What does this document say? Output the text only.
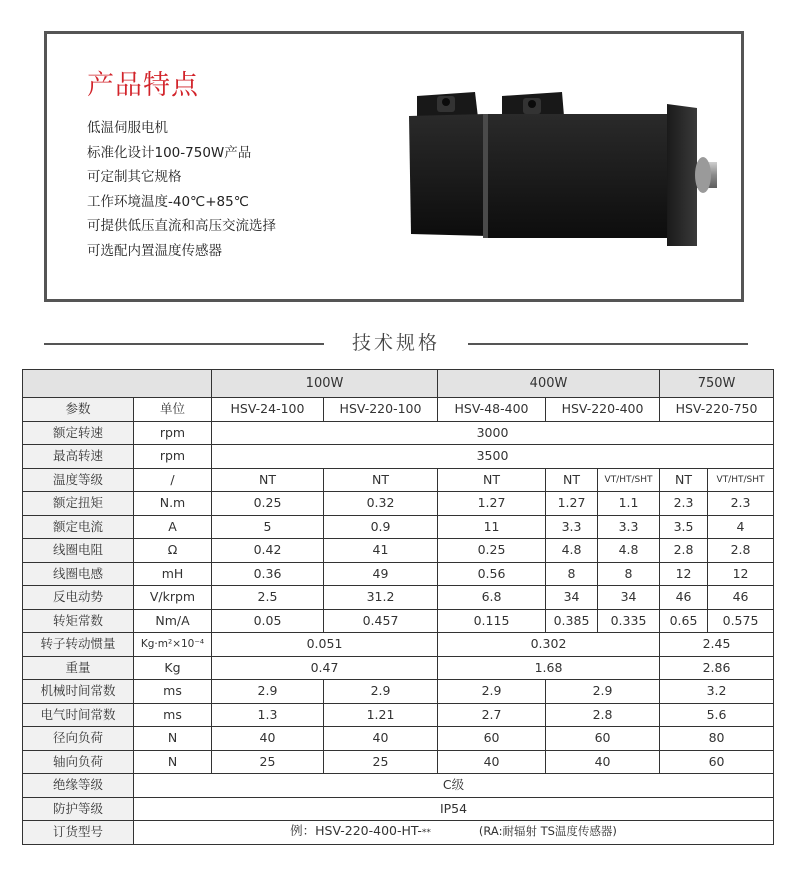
产品特点
低温伺服电机
标准化设计100-750W产品
可定制其它规格
工作环境温度-40℃+85℃
可提供低压直流和高压交流选择
可选配内置温度传感器
技术规格
		100W		400W			750W	
参数	单位	HSV-24-100	HSV-220-100	HSV-48-400	HSV-220-400		HSV-220-750	
额定转速	rpm	3000						
最高转速	rpm	3500						
温度等级	/	NT	NT	NT	NT	VT/HT/SHT	NT	VT/HT/SHT
额定扭矩	N.m	0.25	0.32	1.27	1.27	1.1	2.3	2.3
额定电流	A	5	0.9	11	3.3	3.3	3.5	4
线圈电阻	Ω	0.42	41	0.25	4.8	4.8	2.8	2.8
线圈电感	mH	0.36	49	0.56	8	8	12	12
反电动势	V/krpm	2.5	31.2	6.8	34	34	46	46
转矩常数	Nm/A	0.05	0.457	0.115	0.385	0.335	0.65	0.575
转子转动惯量	Kg·m²×10⁻⁴	0.051		0.302			2.45	
重量	Kg	0.47		1.68			2.86	
机械时间常数	ms	2.9	2.9	2.9	2.9		3.2	
电气时间常数	ms	1.3	1.21	2.7	2.8		5.6	
径向负荷	N	40	40	60	60		80	
轴向负荷	N	25	25	40	40		60	
绝缘等级	C级							
防护等级	IP54							
订货型号	例：HSV-220-400-HT-** (RA:耐辐射 TS温度传感器)							
